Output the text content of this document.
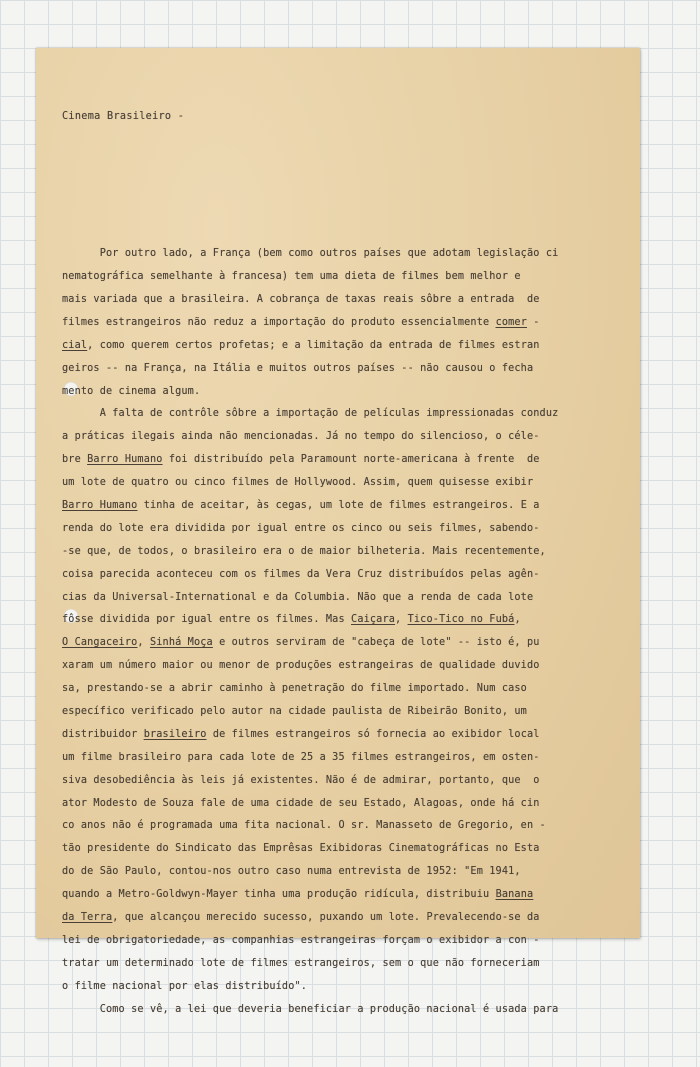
Cinema Brasileiro -

Por outro lado, a França (bem como outros países que adotam legislação ci
nematográfica semelhante à francesa) tem uma dieta de filmes bem melhor e
mais variada que a brasileira. A cobrança de taxas reais sôbre a entrada  de
filmes estrangeiros não reduz a importação do produto essencialmente comer -
cial, como querem certos profetas; e a limitação da entrada de filmes estran
geiros -- na França, na Itália e muitos outros países -- não causou o fecha
mento de cinema algum.
A falta de contrôle sôbre a importação de películas impressionadas conduz
a práticas ilegais ainda não mencionadas. Já no tempo do silencioso, o céle-
bre Barro Humano foi distribuído pela Paramount norte-americana à frente  de
um lote de quatro ou cinco filmes de Hollywood. Assim, quem quisesse exibir
Barro Humano tinha de aceitar, às cegas, um lote de filmes estrangeiros. E a
renda do lote era dividida por igual entre os cinco ou seis filmes, sabendo-
-se que, de todos, o brasileiro era o de maior bilheteria. Mais recentemente,
coisa parecida aconteceu com os filmes da Vera Cruz distribuídos pelas agên-
cias da Universal-International e da Columbia. Não que a renda de cada lote
fôsse dividida por igual entre os filmes. Mas Caiçara, Tico-Tico no Fubá,
O Cangaceiro, Sinhá Moça e outros serviram de "cabeça de lote" -- isto é, pu
xaram um número maior ou menor de produções estrangeiras de qualidade duvido
sa, prestando-se a abrir caminho à penetração do filme importado. Num caso
específico verificado pelo autor na cidade paulista de Ribeirão Bonito, um
distribuidor brasileiro de filmes estrangeiros só fornecia ao exibidor local
um filme brasileiro para cada lote de 25 a 35 filmes estrangeiros, em osten-
siva desobediência às leis já existentes. Não é de admirar, portanto, que  o
ator Modesto de Souza fale de uma cidade de seu Estado, Alagoas, onde há cin
co anos não é programada uma fita nacional. O sr. Manasseto de Gregorio, en -
tão presidente do Sindicato das Emprêsas Exibidoras Cinematográficas no Esta
do de São Paulo, contou-nos outro caso numa entrevista de 1952: "Em 1941,
quando a Metro-Goldwyn-Mayer tinha uma produção ridícula, distribuiu Banana
da Terra, que alcançou merecido sucesso, puxando um lote. Prevalecendo-se da
lei de obrigatoriedade, as companhias estrangeiras forçam o exibidor a con -
tratar um determinado lote de filmes estrangeiros, sem o que não forneceriam
o filme nacional por elas distribuído".
Como se vê, a lei que deveria beneficiar a produção nacional é usada para
